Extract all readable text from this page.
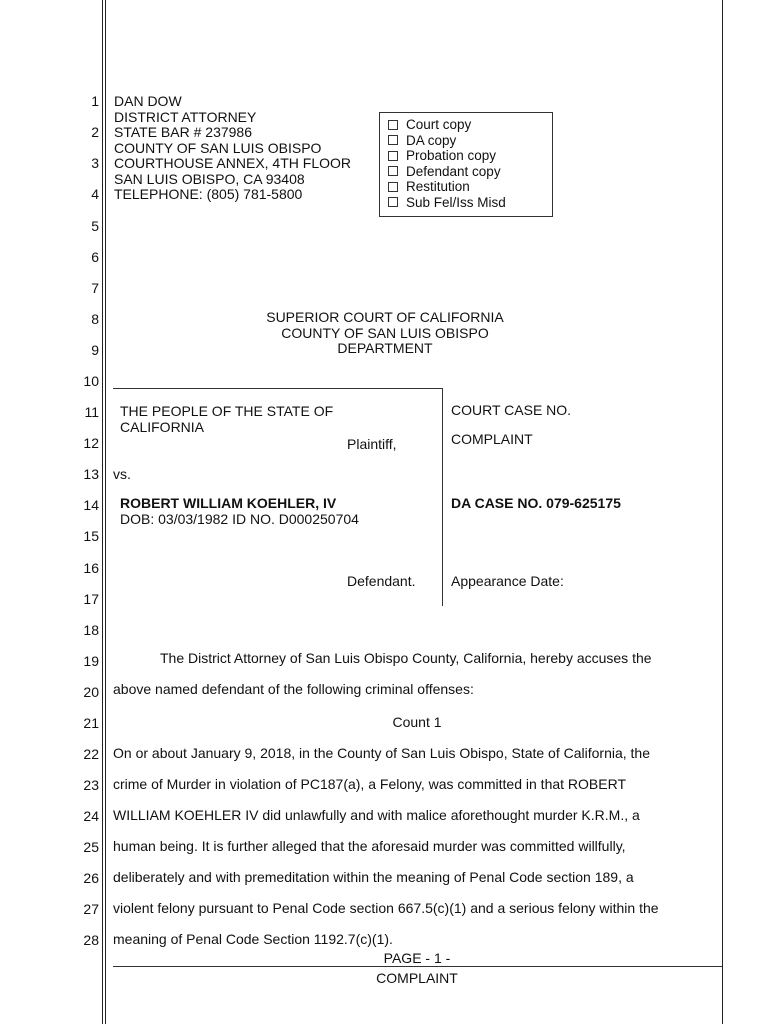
1
2
3
4
5
6
7
8
9
10
11
12
13
14
15
16
17
18
19
20
21
22
23
24
25
26
27
28
DAN DOW
DISTRICT ATTORNEY
STATE BAR # 237986
COUNTY OF SAN LUIS OBISPO
COURTHOUSE ANNEX, 4TH FLOOR
SAN LUIS OBISPO, CA 93408
TELEPHONE: (805) 781-5800
Court copy
DA copy
Probation copy
Defendant copy
Restitution
Sub Fel/Iss Misd
SUPERIOR COURT OF CALIFORNIA
COUNTY OF SAN LUIS OBISPO
DEPARTMENT
THE PEOPLE OF THE STATE OF
CALIFORNIA
Plaintiff,
vs.
ROBERT WILLIAM KOEHLER, IV
DOB: 03/03/1982 ID NO. D000250704
Defendant.
COURT CASE NO.
COMPLAINT
DA CASE NO. 079-625175
Appearance Date:
The District Attorney of San Luis Obispo County, California, hereby accuses the
above named defendant of the following criminal offenses:
Count 1
On or about January 9, 2018, in the County of San Luis Obispo, State of California, the
crime of Murder in violation of PC187(a), a Felony, was committed in that ROBERT
WILLIAM KOEHLER IV did unlawfully and with malice aforethought murder K.R.M., a
human being. It is further alleged that the aforesaid murder was committed willfully,
deliberately and with premeditation within the meaning of Penal Code section 189, a
violent felony pursuant to Penal Code section 667.5(c)(1) and a serious felony within the
meaning of Penal Code Section 1192.7(c)(1).
PAGE - 1 -
COMPLAINT
